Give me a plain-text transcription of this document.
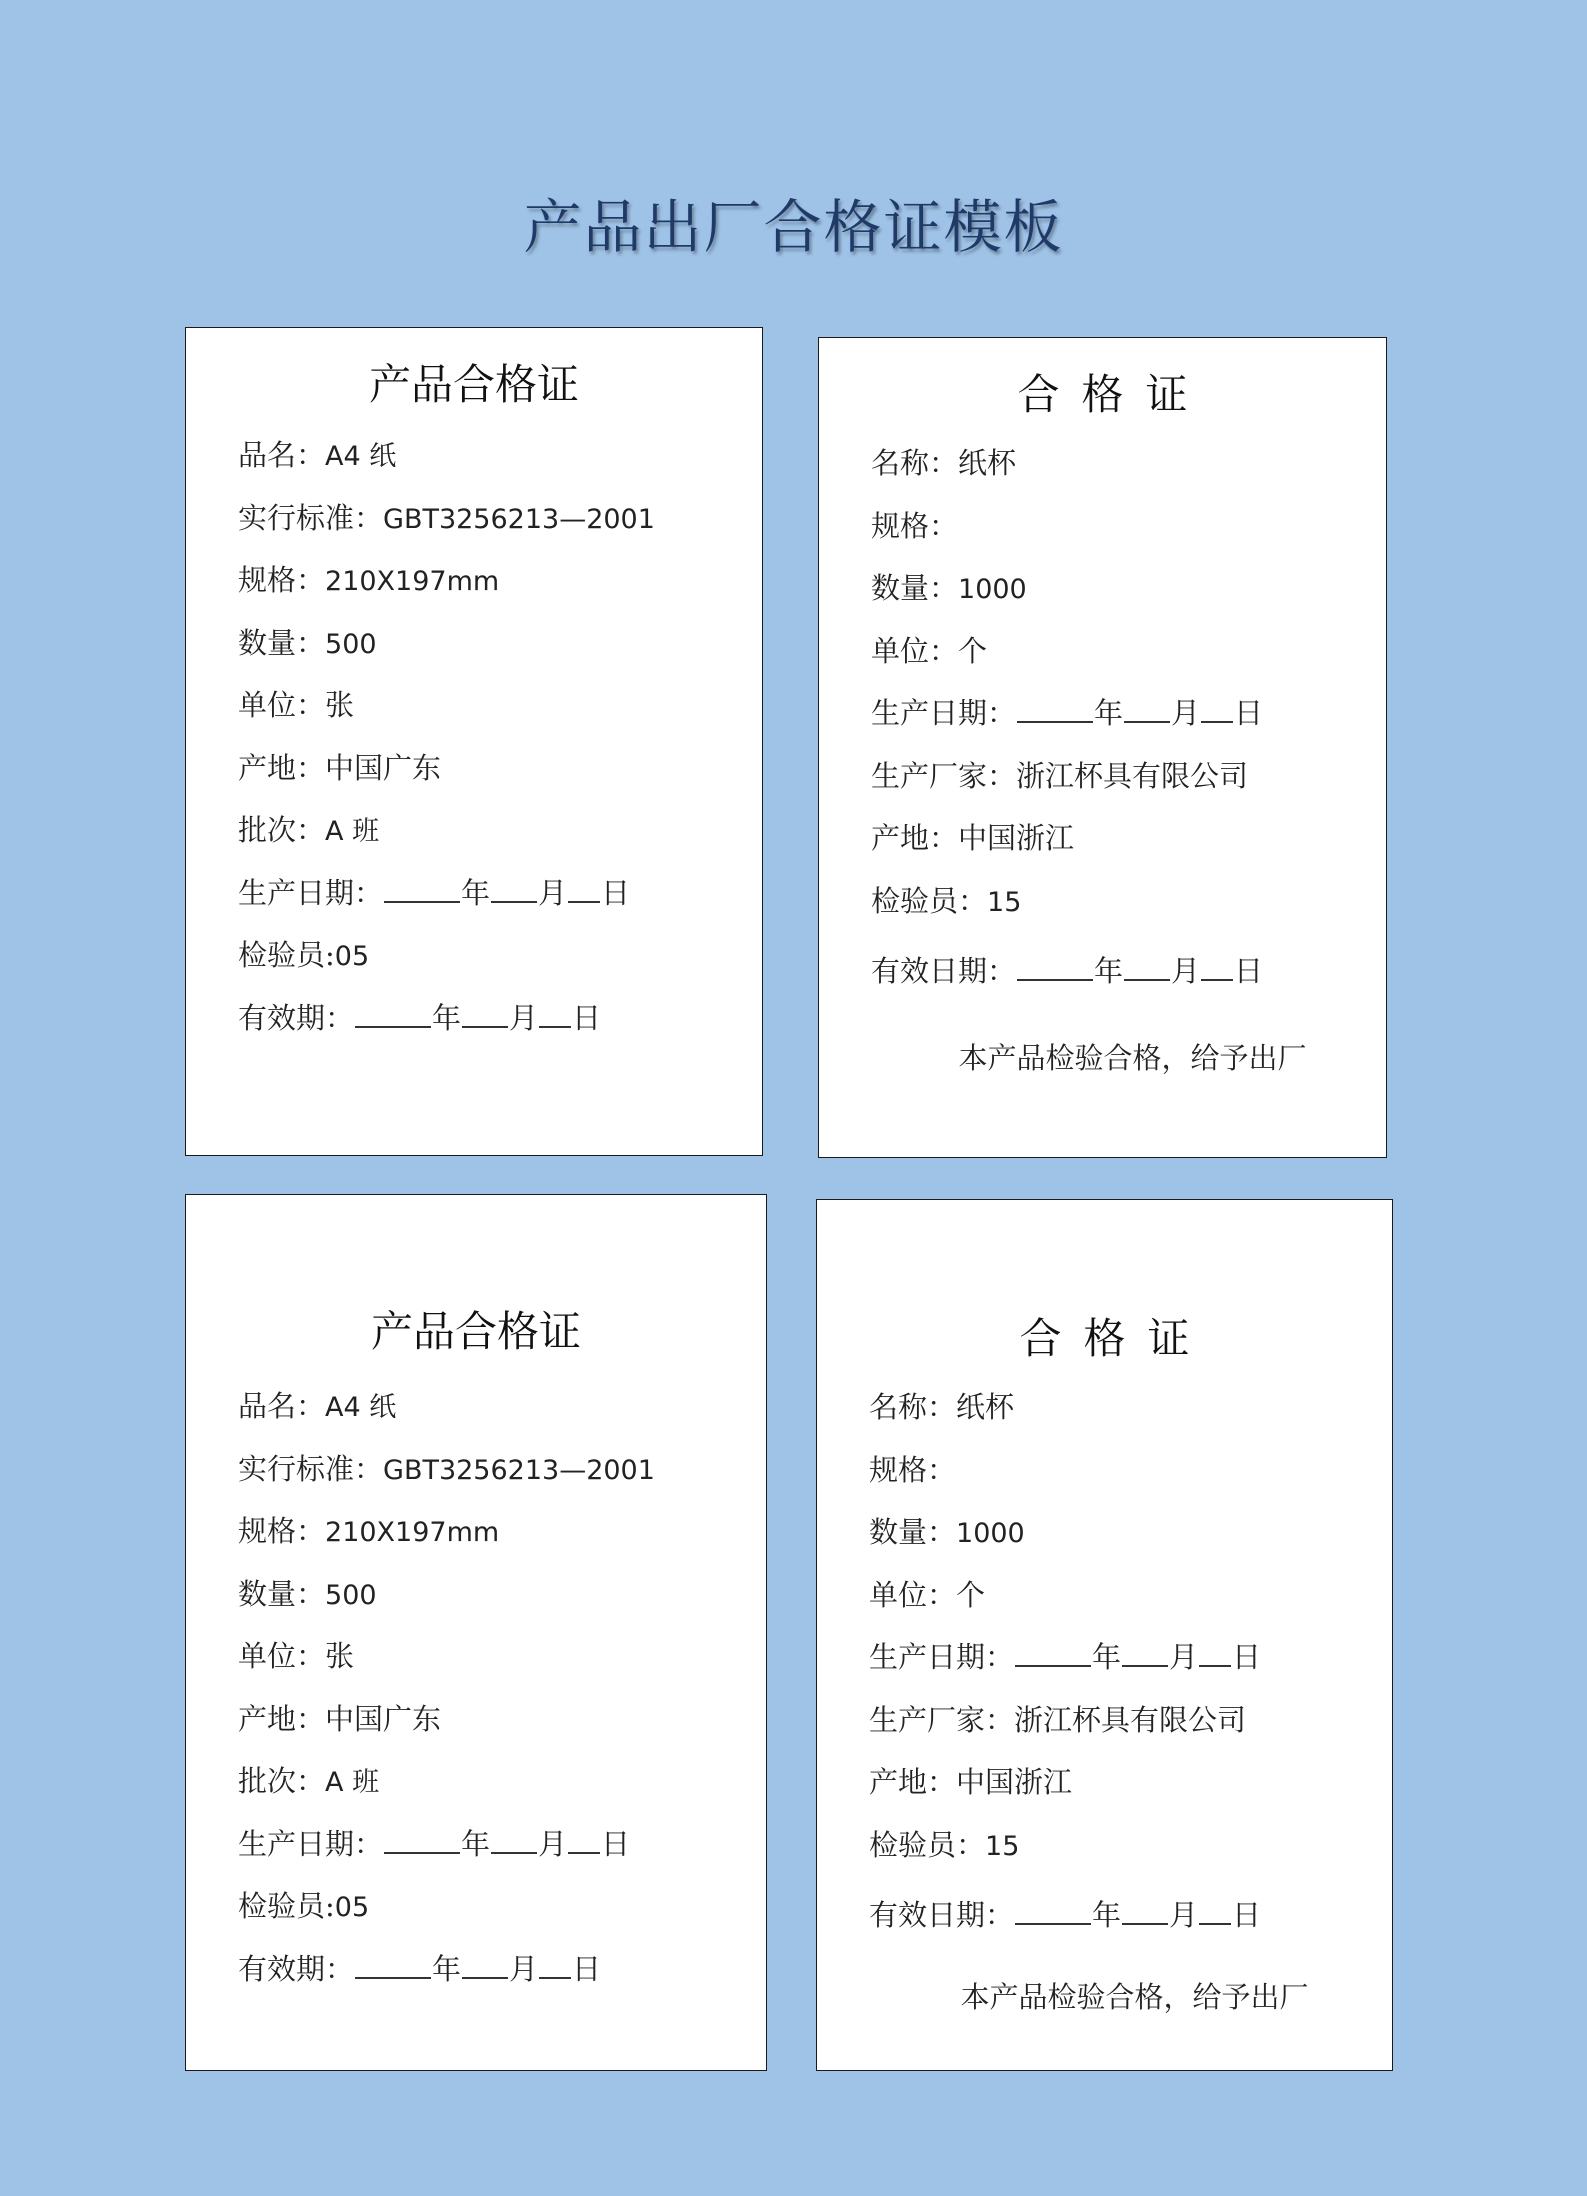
产品出厂合格证模板
产品合格证
品名：A4 纸
实行标准：GBT3256213—2001
规格：210X197mm
数量：500
单位：张
产地：中国广东
批次：A 班
生产日期：	年 月 日
检验员:05
有效期：	年 月 日
合格证
名称：纸杯
规格：
数量：1000
单位：个
生产日期：	年 月 日
生产厂家：浙江杯具有限公司
产地：中国浙江
检验员：15
有效日期：	年 月 日
本产品检验合格，给予出厂
产品合格证
品名：A4 纸
实行标准：GBT3256213—2001
规格：210X197mm
数量：500
单位：张
产地：中国广东
批次：A 班
生产日期：	年 月 日
检验员:05
有效期：	年 月 日
合格证
名称：纸杯
规格：
数量：1000
单位：个
生产日期：	年 月 日
生产厂家：浙江杯具有限公司
产地：中国浙江
检验员：15
有效日期：	年 月 日
本产品检验合格，给予出厂
